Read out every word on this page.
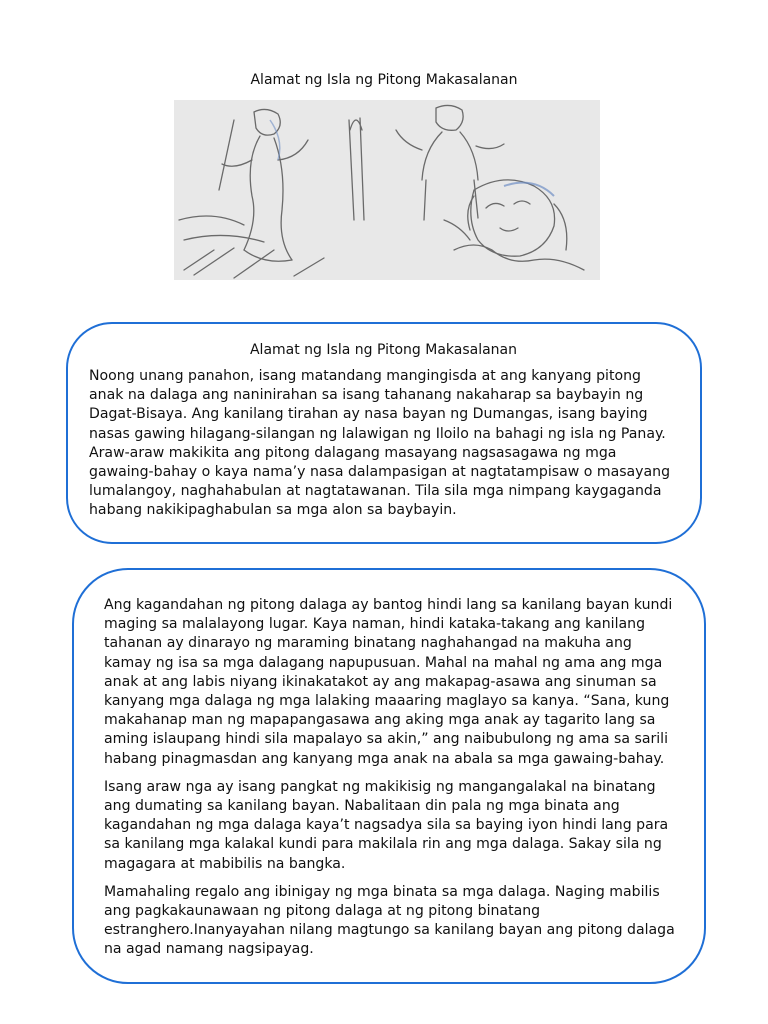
Alamat ng Isla ng Pitong Makasalanan
Alamat ng Isla ng Pitong Makasalanan

Noong unang panahon, isang matandang mangingisda at ang kanyang pitong anak na dalaga ang naninirahan sa isang tahanang nakaharap sa baybayin ng Dagat-Bisaya. Ang kanilang tirahan ay nasa bayan ng Dumangas, isang baying nasas gawing hilagang-silangan ng lalawigan ng Iloilo na bahagi ng isla ng Panay. Araw-araw makikita ang pitong dalagang masayang nagsasagawa ng mga gawaing-bahay o kaya nama’y nasa dalampasigan at nagtatampisaw o masayang lumalangoy, naghahabulan at nagtatawanan. Tila sila mga nimpang kaygaganda habang nakikipaghabulan sa mga alon sa baybayin.

Ang kagandahan ng pitong dalaga ay bantog hindi lang sa kanilang bayan kundi maging sa malalayong lugar. Kaya naman, hindi kataka-takang ang kanilang tahanan ay dinarayo ng maraming binatang naghahangad na makuha ang kamay ng isa sa mga dalagang napupusuan. Mahal na mahal ng ama ang mga anak at ang labis niyang ikinakatakot ay ang makapag-asawa ang sinuman sa kanyang mga dalaga ng mga lalaking maaaring maglayo sa kanya. “Sana, kung makahanap man ng mapapangasawa ang aking mga anak ay tagarito lang sa aming islaupang hindi sila mapalayo sa akin,” ang naibubulong ng ama sa sarili habang pinagmasdan ang kanyang mga anak na abala sa mga gawaing-bahay.

Isang araw nga ay isang pangkat ng makikisig ng mangangalakal na binatang ang dumating sa kanilang bayan. Nabalitaan din pala ng mga binata ang kagandahan ng mga dalaga kaya’t nagsadya sila sa baying iyon hindi lang para sa kanilang mga kalakal kundi para makilala rin ang mga dalaga. Sakay sila ng magagara at mabibilis na bangka.

Mamahaling regalo ang ibinigay ng mga binata sa mga dalaga. Naging mabilis ang pagkakaunawaan ng pitong dalaga at ng pitong binatang estranghero.Inanyayahan nilang magtungo sa kanilang bayan ang pitong dalaga na agad namang nagsipayag.
